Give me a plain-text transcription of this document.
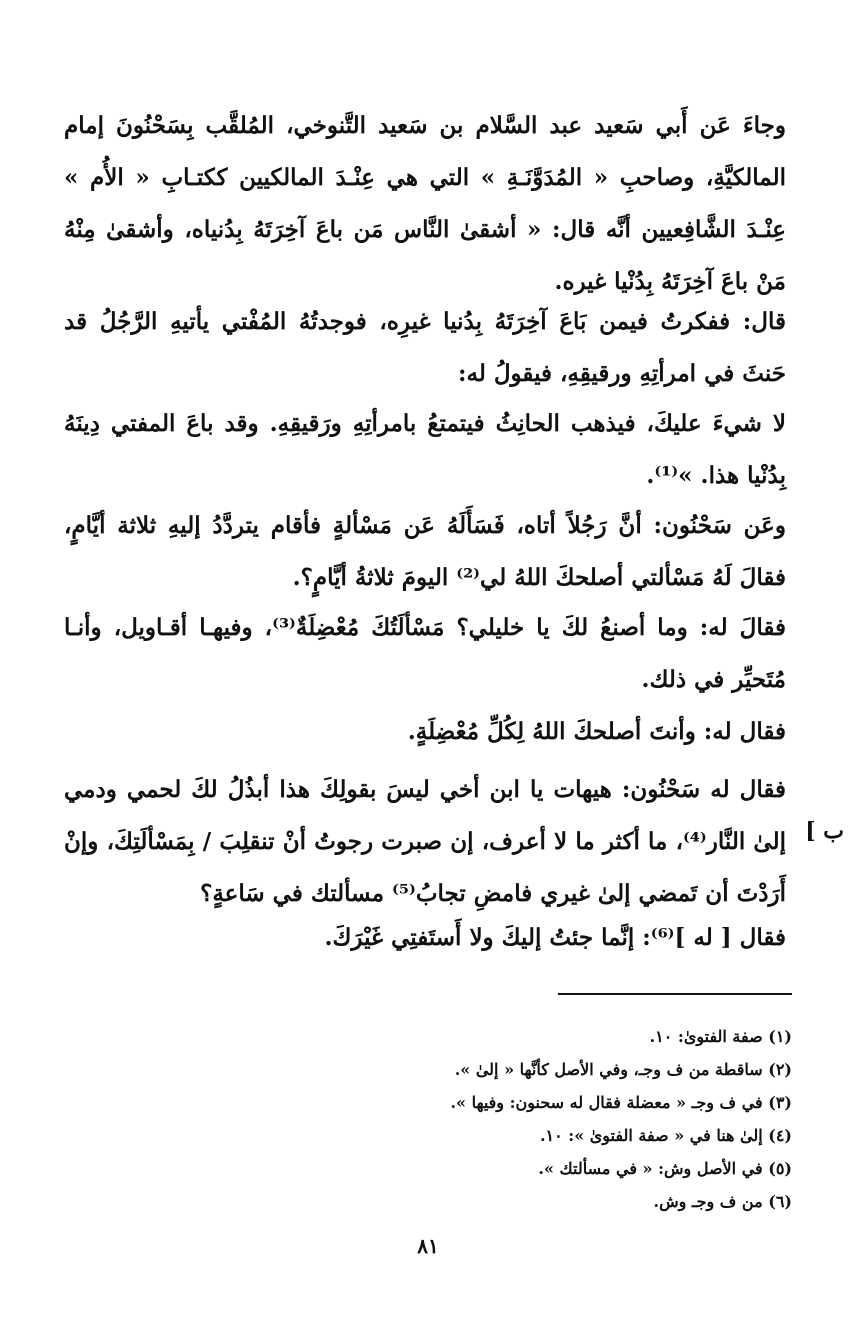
وجاءَ عَن أَبي سَعيد عبد السَّلام بن سَعيد التَّنوخي، المُلقَّب بِسَحْنُونَ إمام المالكيَّةِ، وصاحبِ « المُدَوَّنَـةِ » التي هي عِنْـدَ المالكيين ككتـابِ « الأُم » عِنْـدَ الشَّافِعيين أنَّه قال: « أشقىٰ النَّاس مَن باعَ آخِرَتَهُ بِدُنياه، وأشقىٰ مِنْهُ مَنْ باعَ آخِرَتَهُ بِدُنْيا غيره.

قال: ففكرتُ فيمن بَاعَ آخِرَتَهُ بِدُنيا غيرِه، فوجدتُهُ المُفْتي يأتيهِ الرَّجُلُ قد حَنثَ في امرأتِهِ ورقيقِهِ، فيقولُ له:

لا شيءَ عليكَ، فيذهب الحانِثُ فيتمتعُ بامرأتِهِ ورَقيقِهِ. وقد باعَ المفتي دِينَهُ بِدُنْيا هذا. »⁽¹⁾.

وعَن سَحْنُون: أنَّ رَجُلاً أتاه، فَسَأَلَهُ عَن مَسْألةٍ فأقام يتردَّدُ إليهِ ثلاثة أيَّامٍ، فقالَ لَهُ مَسْألتي أصلحكَ اللهُ لي⁽²⁾ اليومَ ثلاثةُ أيَّامٍ؟.

فقالَ له: وما أصنعُ لكَ يا خليلي؟ مَسْألَتُكَ مُعْضِلَةٌ⁽³⁾، وفيهـا أقـاويل، وأنـا مُتَحيِّر في ذلك.

فقال له: وأنتَ أصلحكَ اللهُ لِكُلِّ مُعْضِلَةٍ.

فقال له سَحْنُون: هيهات يا ابن أخي ليسَ بقولِكَ هذا أبذُلُ لكَ لحمي ودمي إلىٰ النَّار⁽⁴⁾، ما أكثر ما لا أعرف، إن صبرت رجوتُ أنْ تنقلِبَ / بِمَسْألَتِكَ، وإنْ أَرَدْتَ أن تَمضي إلىٰ غيري فامضِ تجابُ⁽⁵⁾ مسألتك في سَاعةٍ؟

فقال [ له ]⁽⁶⁾: إنَّما جئتُ إليكَ ولا أَستَفتِي غَيْرَكَ.

ب ]
(١) صفة الفتوىٰ: ١٠.
(٢) ساقطة من ف وجـ، وفي الأصل كأنَّها « إلىٰ ».
(٣) في ف وجـ « معضلة فقال له سحنون: وفيها ».
(٤) إلىٰ هنا في « صفة الفتوىٰ »: ١٠.
(٥) في الأصل وش: « في مسألتك ».
(٦) من ف وجـ وش.
٨١
